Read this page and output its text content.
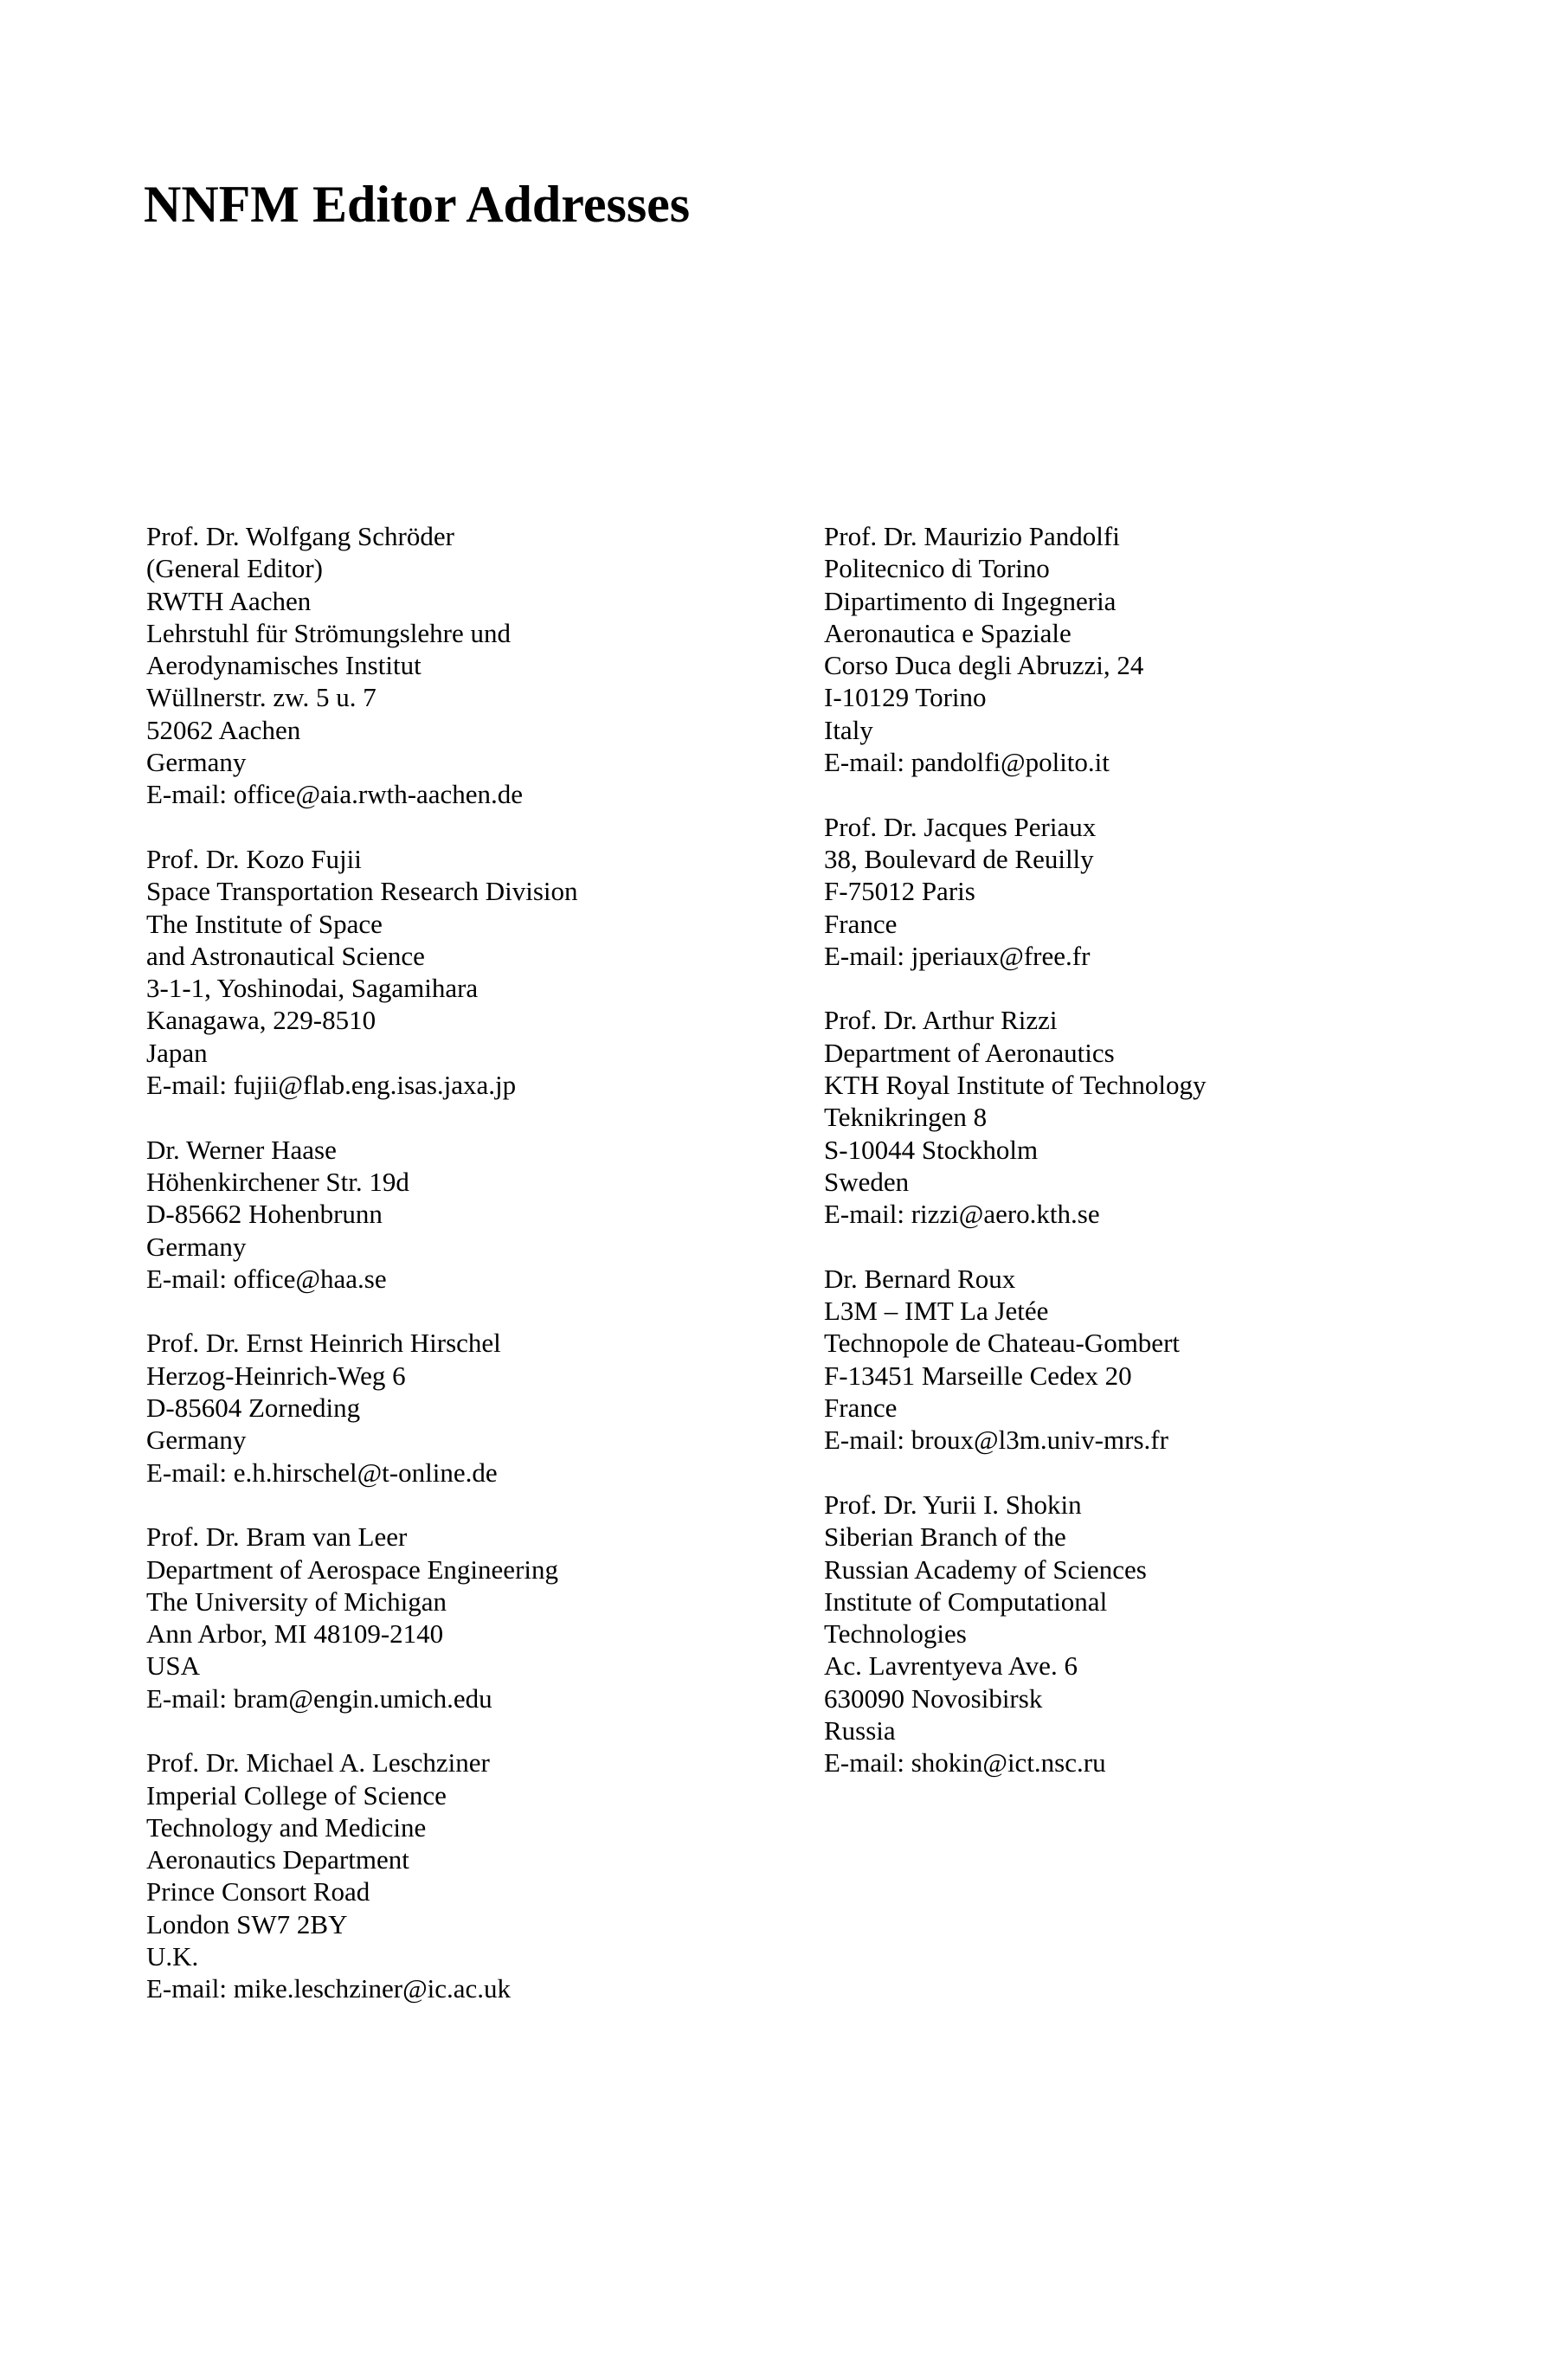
NNFM Editor Addresses

Prof. Dr. Wolfgang Schröder

(General Editor)

RWTH Aachen

Lehrstuhl für Strömungslehre und

Aerodynamisches Institut

Wüllnerstr. zw. 5 u. 7

52062 Aachen

Germany

E-mail: office@aia.rwth-aachen.de

Prof. Dr. Kozo Fujii

Space Transportation Research Division

The Institute of Space

and Astronautical Science

3-1-1, Yoshinodai, Sagamihara

Kanagawa, 229-8510

Japan

E-mail: fujii@flab.eng.isas.jaxa.jp

Dr. Werner Haase

Höhenkirchener Str. 19d

D-85662 Hohenbrunn

Germany

E-mail: office@haa.se

Prof. Dr. Ernst Heinrich Hirschel

Herzog-Heinrich-Weg 6

D-85604 Zorneding

Germany

E-mail: e.h.hirschel@t-online.de

Prof. Dr. Bram van Leer

Department of Aerospace Engineering

The University of Michigan

Ann Arbor, MI 48109-2140

USA

E-mail: bram@engin.umich.edu

Prof. Dr. Michael A. Leschziner

Imperial College of Science

Technology and Medicine

Aeronautics Department

Prince Consort Road

London SW7 2BY

U.K.

E-mail: mike.leschziner@ic.ac.uk

Prof. Dr. Maurizio Pandolfi

Politecnico di Torino

Dipartimento di Ingegneria

Aeronautica e Spaziale

Corso Duca degli Abruzzi, 24

I-10129 Torino

Italy

E-mail: pandolfi@polito.it

Prof. Dr. Jacques Periaux

38, Boulevard de Reuilly

F-75012 Paris

France

E-mail: jperiaux@free.fr

Prof. Dr. Arthur Rizzi

Department of Aeronautics

KTH Royal Institute of Technology

Teknikringen 8

S-10044 Stockholm

Sweden

E-mail: rizzi@aero.kth.se

Dr. Bernard Roux

L3M – IMT La Jetée

Technopole de Chateau-Gombert

F-13451 Marseille Cedex 20

France

E-mail: broux@l3m.univ-mrs.fr

Prof. Dr. Yurii I. Shokin

Siberian Branch of the

Russian Academy of Sciences

Institute of Computational

Technologies

Ac. Lavrentyeva Ave. 6

630090 Novosibirsk

Russia

E-mail: shokin@ict.nsc.ru
